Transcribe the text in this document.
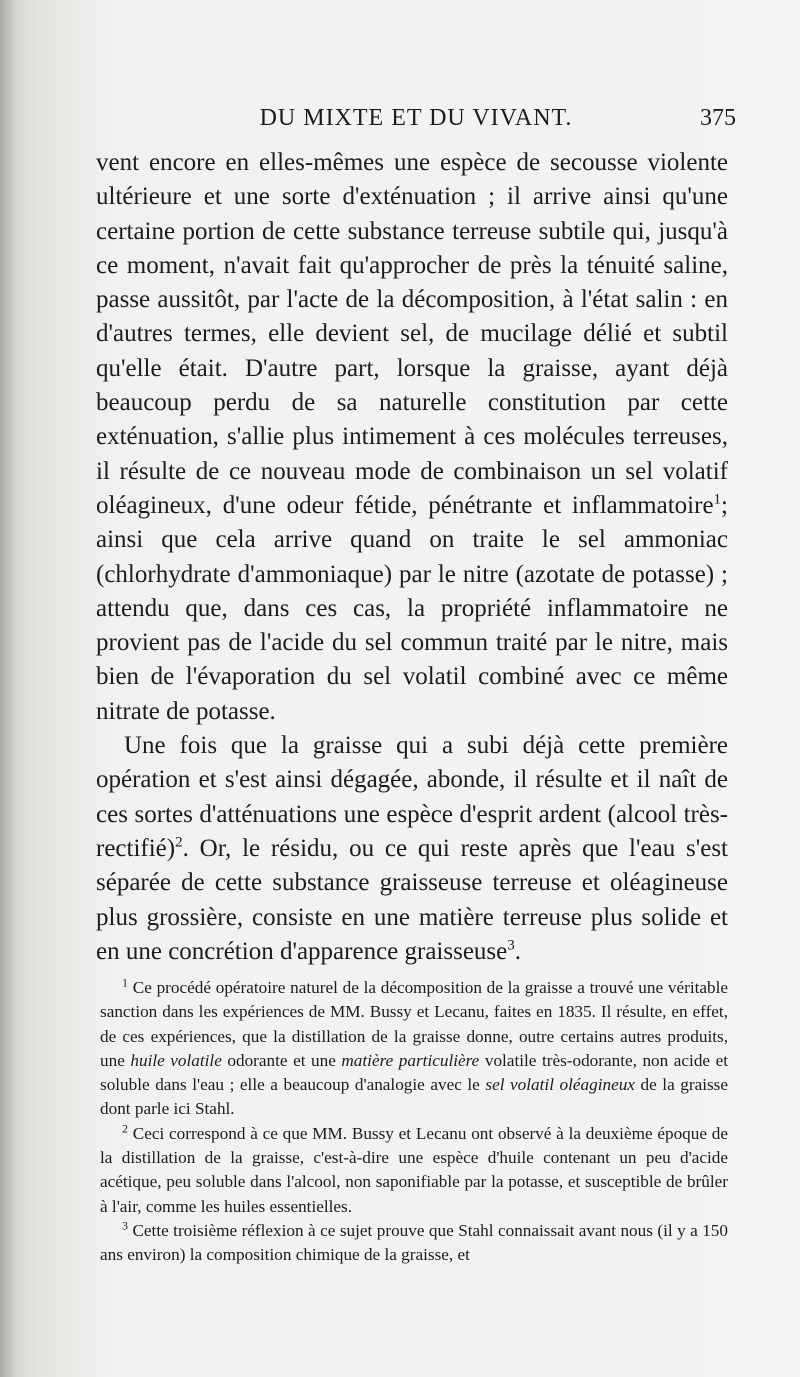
DU MIXTE ET DU VIVANT.	375

vent encore en elles-mêmes une espèce de secousse violente ultérieure et une sorte d'exténuation ; il arrive ainsi qu'une certaine portion de cette substance terreuse subtile qui, jusqu'à ce moment, n'avait fait qu'approcher de près la ténuité saline, passe aussitôt, par l'acte de la décomposition, à l'état salin : en d'autres termes, elle devient sel, de mucilage délié et subtil qu'elle était. D'autre part, lorsque la graisse, ayant déjà beaucoup perdu de sa naturelle constitution par cette exténuation, s'allie plus intimement à ces molécules terreuses, il résulte de ce nouveau mode de combinaison un sel volatif oléagineux, d'une odeur fétide, pénétrante et inflammatoire$^1$; ainsi que cela arrive quand on traite le sel ammoniac (chlorhydrate d'ammoniaque) par le nitre (azotate de potasse) ; attendu que, dans ces cas, la propriété inflammatoire ne provient pas de l'acide du sel commun traité par le nitre, mais bien de l'évaporation du sel volatil combiné avec ce même nitrate de potasse.

Une fois que la graisse qui a subi déjà cette première opération et s'est ainsi dégagée, abonde, il résulte et il naît de ces sortes d'atténuations une espèce d'esprit ardent (alcool très-rectifié)$^2$. Or, le résidu, ou ce qui reste après que l'eau s'est séparée de cette substance graisseuse terreuse et oléagineuse plus grossière, consiste en une matière terreuse plus solide et en une concrétion d'apparence graisseuse$^3$.

$^1$ Ce procédé opératoire naturel de la décomposition de la graisse a trouvé une véritable sanction dans les expériences de MM. Bussy et Lecanu, faites en 1835. Il résulte, en effet, de ces expériences, que la distillation de la graisse donne, outre certains autres produits, une huile volatile odorante et une matière particulière volatile très-odorante, non acide et soluble dans l'eau ; elle a beaucoup d'analogie avec le sel volatil oléagineux de la graisse dont parle ici Stahl.

$^2$ Ceci correspond à ce que MM. Bussy et Lecanu ont observé à la deuxième époque de la distillation de la graisse, c'est-à-dire une espèce d'huile contenant un peu d'acide acétique, peu soluble dans l'alcool, non saponifiable par la potasse, et susceptible de brûler à l'air, comme les huiles essentielles.

$^3$ Cette troisième réflexion à ce sujet prouve que Stahl connaissait avant nous (il y a 150 ans environ) la composition chimique de la graisse, et
